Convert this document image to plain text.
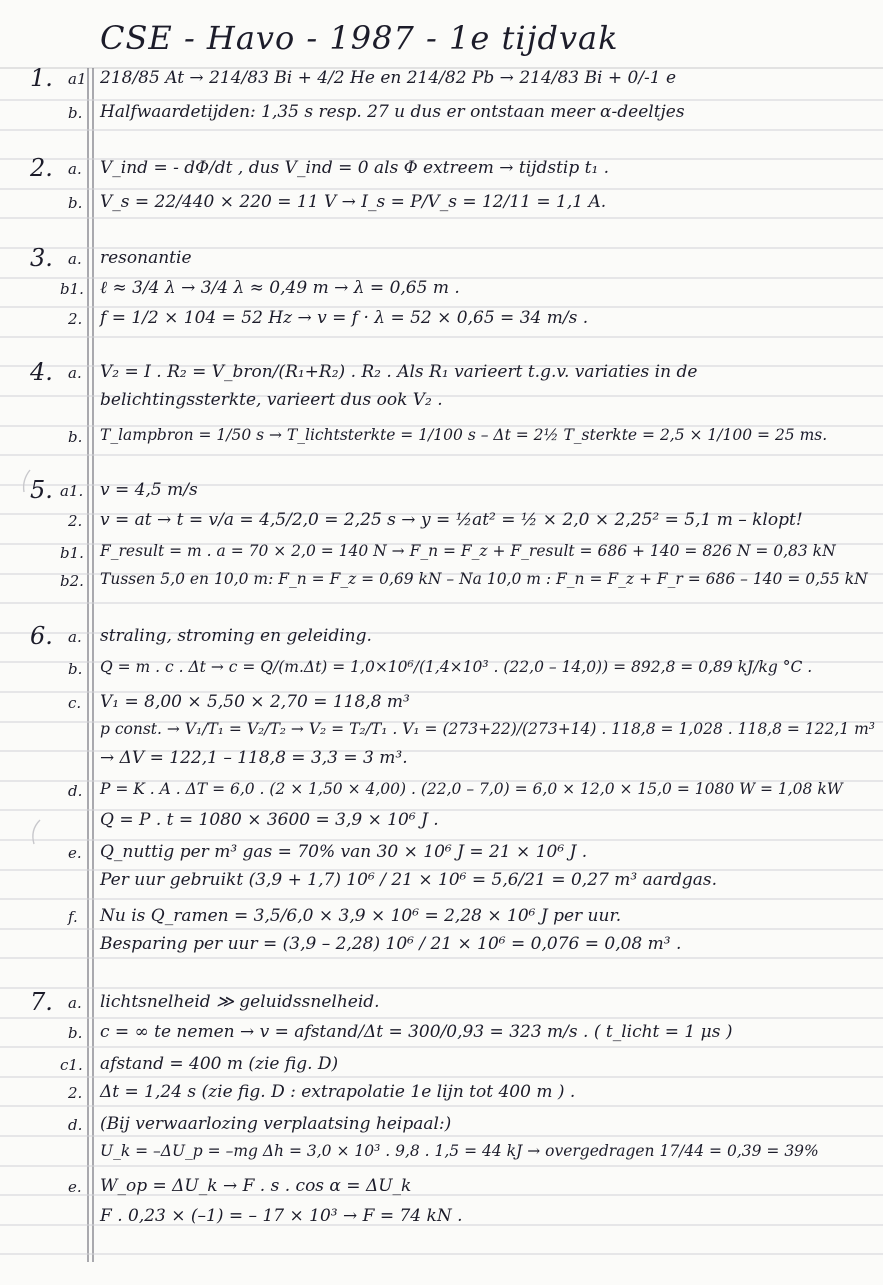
CSE - Havo - 1987 - 1e tijdvak
1. a1 218/85 At → 214/83 Bi + 4/2 He en 214/82 Pb → 214/83 Bi + 0/-1 e
b. Halfwaardetijden: 1,35 s resp. 27 u dus er ontstaan meer α-deeltjes
2. a. V_ind = - dΦ/dt , dus V_ind = 0 als Φ extreem → tijdstip t₁ .
b. V_s = 22/440 × 220 = 11 V → I_s = P/V_s = 12/11 = 1,1 A.
3. a. resonantie
b1. ℓ ≈ 3/4 λ → 3/4 λ ≈ 0,49 m → λ = 0,65 m .
2. f = 1/2 × 104 = 52 Hz → v = f · λ = 52 × 0,65 = 34 m/s .
4. a. V₂ = I . R₂ = V_bron/(R₁+R₂) . R₂ . Als R₁ varieert t.g.v. variaties in de
belichtingssterkte, varieert dus ook V₂ .
b. T_lampbron = 1/50 s → T_lichtsterkte = 1/100 s – Δt = 2½ T_sterkte = 2,5 × 1/100 = 25 ms.
5. a1. v = 4,5 m/s
2. v = at → t = v/a = 4,5/2,0 = 2,25 s → y = ½at² = ½ × 2,0 × 2,25² = 5,1 m – klopt!
b1. F_result = m . a = 70 × 2,0 = 140 N → F_n = F_z + F_result = 686 + 140 = 826 N = 0,83 kN
b2. Tussen 5,0 en 10,0 m: F_n = F_z = 0,69 kN – Na 10,0 m : F_n = F_z + F_r = 686 – 140 = 0,55 kN
6. a. straling, stroming en geleiding.
b. Q = m . c . Δt → c = Q/(m.Δt) = 1,0×10⁶/(1,4×10³ . (22,0 – 14,0)) = 892,8 = 0,89 kJ/kg °C .
c. V₁ = 8,00 × 5,50 × 2,70 = 118,8 m³
p const. → V₁/T₁ = V₂/T₂ → V₂ = T₂/T₁ . V₁ = (273+22)/(273+14) . 118,8 = 1,028 . 118,8 = 122,1 m³
→ ΔV = 122,1 – 118,8 = 3,3 = 3 m³.
d. P = K . A . ΔT = 6,0 . (2 × 1,50 × 4,00) . (22,0 – 7,0) = 6,0 × 12,0 × 15,0 = 1080 W = 1,08 kW
Q = P . t = 1080 × 3600 = 3,9 × 10⁶ J .
e. Q_nuttig per m³ gas = 70% van 30 × 10⁶ J = 21 × 10⁶ J .
Per uur gebruikt (3,9 + 1,7) 10⁶ / 21 × 10⁶ = 5,6/21 = 0,27 m³ aardgas.
f. Nu is Q_ramen = 3,5/6,0 × 3,9 × 10⁶ = 2,28 × 10⁶ J per uur.
Besparing per uur = (3,9 – 2,28) 10⁶ / 21 × 10⁶ = 0,076 = 0,08 m³ .
7. a. lichtsnelheid ≫ geluidssnelheid.
b. c = ∞ te nemen → v = afstand/Δt = 300/0,93 = 323 m/s . ( t_licht = 1 μs )
c1. afstand = 400 m (zie fig. D)
2. Δt = 1,24 s (zie fig. D : extrapolatie 1e lijn tot 400 m ) .
d. (Bij verwaarlozing verplaatsing heipaal:)
U_k = –ΔU_p = –mg Δh = 3,0 × 10³ . 9,8 . 1,5 = 44 kJ → overgedragen 17/44 = 0,39 = 39%
e. W_op = ΔU_k → F . s . cos α = ΔU_k
F . 0,23 × (–1) = – 17 × 10³ → F = 74 kN .
